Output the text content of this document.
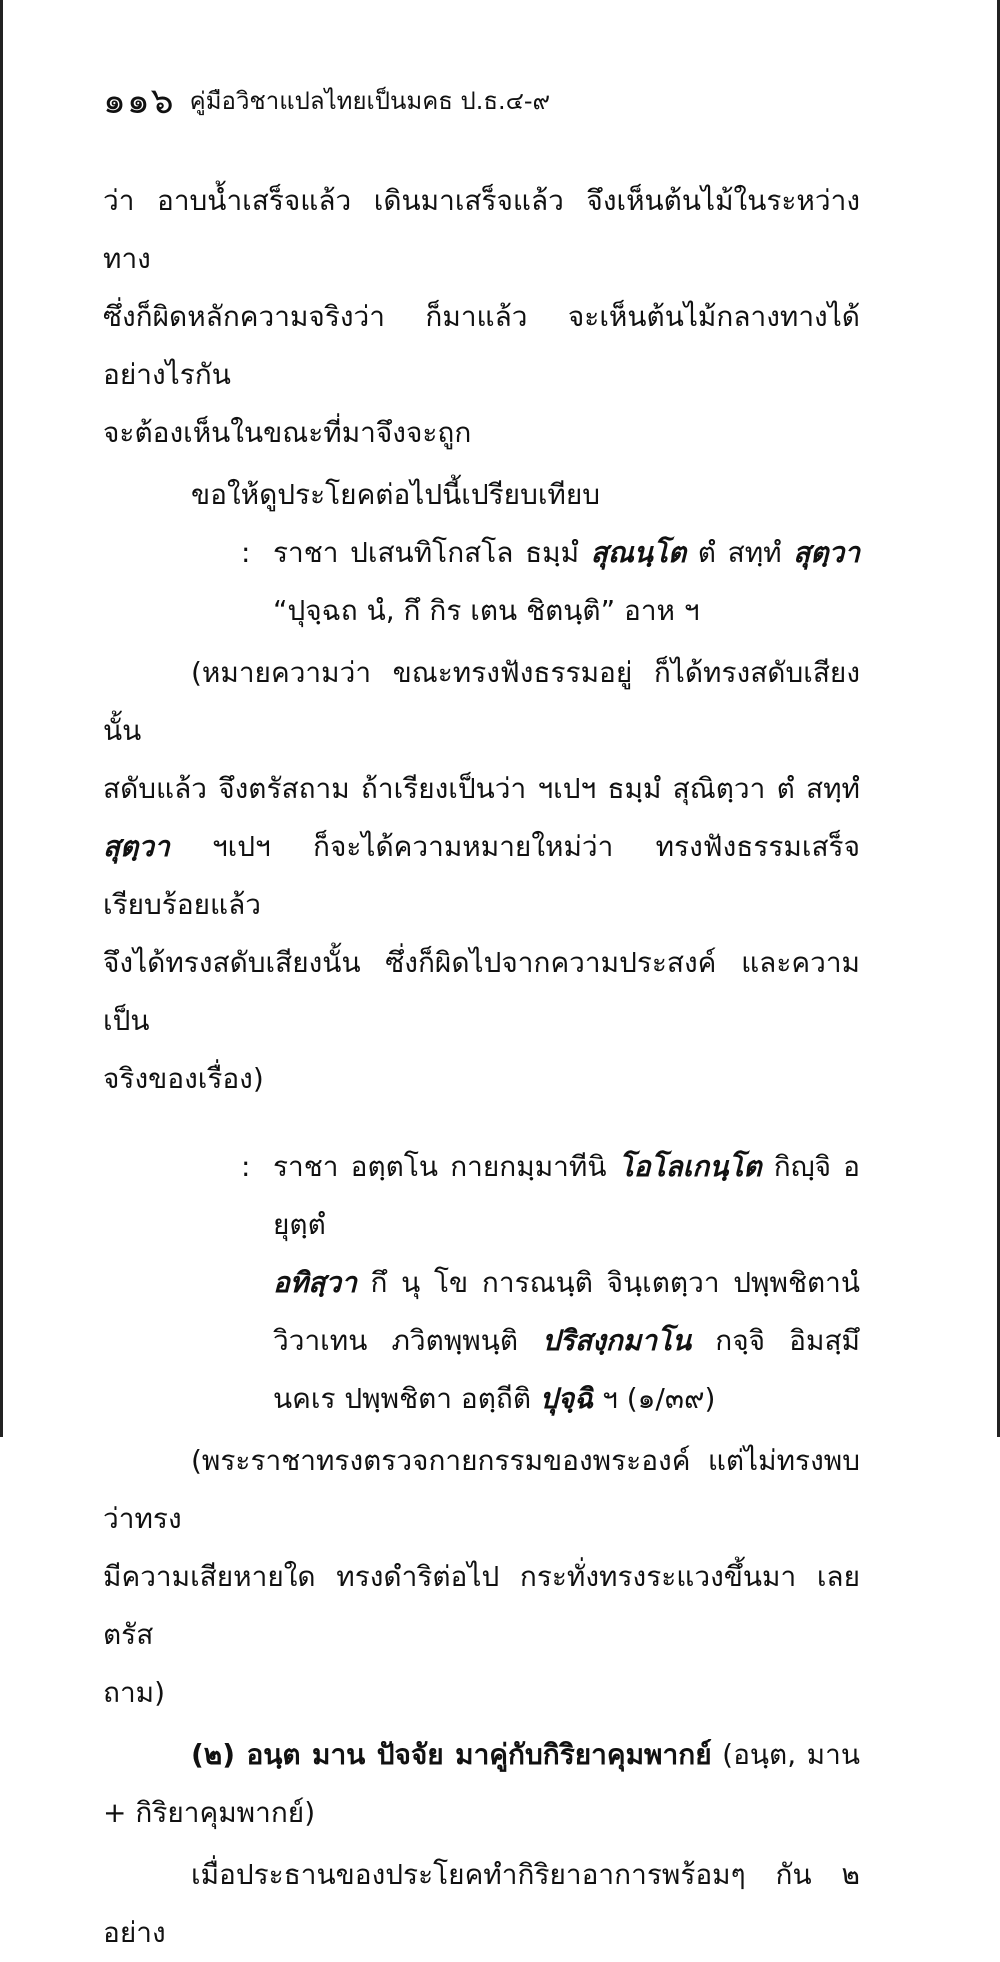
๑๑๖ คู่มือวิชาแปลไทยเป็นมคธ ป.ธ.๔-๙
ว่า อาบน้ำเสร็จแล้ว เดินมาเสร็จแล้ว จึงเห็นต้นไม้ในระหว่างทาง
ซึ่งก็ผิดหลักความจริงว่า ก็มาแล้ว จะเห็นต้นไม้กลางทางได้อย่างไรกัน
จะต้องเห็นในขณะที่มาจึงจะถูก
ขอให้ดูประโยคต่อไปนี้เปรียบเทียบ
: ราชา ปเสนทิโกสโล ธมฺมํ สุณนฺโต ตํ สทฺทํ สุตฺวา
“ปุจฺฉถ นํ, กึ กิร เตน ชิตนฺติ” อาห ฯ
(หมายความว่า ขณะทรงฟังธรรมอยู่ ก็ได้ทรงสดับเสียงนั้น
สดับแล้ว จึงตรัสถาม ถ้าเรียงเป็นว่า ฯเปฯ ธมฺมํ สุณิตฺวา ตํ สทฺทํ
สุตฺวา ฯเปฯ ก็จะได้ความหมายใหม่ว่า ทรงฟังธรรมเสร็จเรียบร้อยแล้ว
จึงได้ทรงสดับเสียงนั้น ซึ่งก็ผิดไปจากความประสงค์ และความเป็น
จริงของเรื่อง)
: ราชา อตฺตโน กายกมฺมาทีนิ โอโลเกนฺโต กิญฺจิ อยุตฺตํ
อทิสฺวา กึ นุ โข การณนฺติ จินฺเตตฺวา ปพฺพชิตานํ
วิวาเทน ภวิตพฺพนฺติ ปริสงฺกมาโน กจฺจิ อิมสฺมึ
นคเร ปพฺพชิตา อตฺถีติ ปุจฺฉิ ฯ (๑/๓๙)
(พระราชาทรงตรวจกายกรรมของพระองค์ แต่ไม่ทรงพบว่าทรง
มีความเสียหายใด ทรงดำริต่อไป กระทั่งทรงระแวงขึ้นมา เลยตรัส
ถาม)
(๒) อนฺต มาน ปัจจัย มาคู่กับกิริยาคุมพากย์ (อนฺต, มาน
+ กิริยาคุมพากย์)
เมื่อประธานของประโยคทำกิริยาอาการพร้อมๆ กัน ๒ อย่าง
